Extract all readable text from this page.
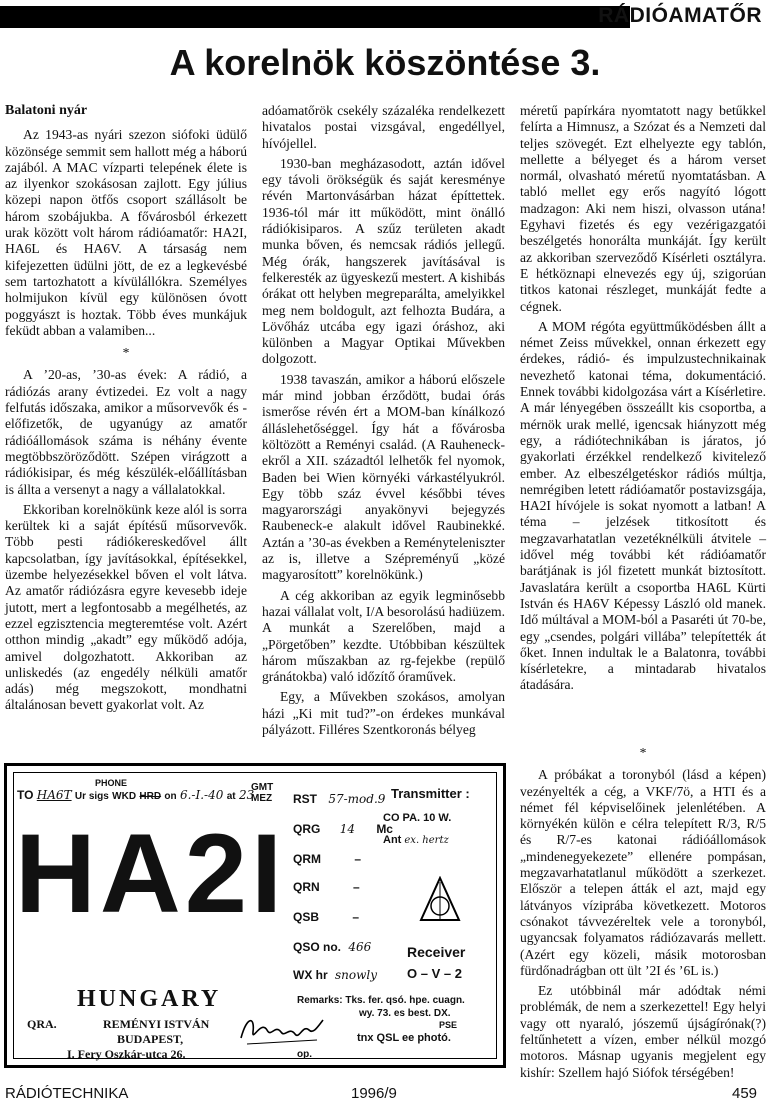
RÁDIÓAMATŐR
A korelnök köszöntése 3.
Balatoni nyár

Az 1943-as nyári szezon siófoki üdülő közönsége semmit sem hallott még a háború zajából. A MAC vízparti telepének élete is az ilyenkor szokásosan zajlott. Egy július közepi napon ötfős csoport szállásolt be három szobájukba. A fővárosból érkezett urak között volt három rádióamatőr: HA2I, HA6L és HA6V. A társaság nem kifejezetten üdülni jött, de ez a legkevésbé sem tartozhatott a kívülállókra. Személyes holmijukon kívül egy különösen óvott poggyászt is hoztak. Több éves munkájuk feküdt abban a valamiben...

*

A ’20-as, ’30-as évek: A rádió, a rádiózás arany évtizedei. Ez volt a nagy felfutás időszaka, amikor a műsorvevők és -előfizetők, de ugyanúgy az amatőr rádióállomások száma is néhány évente megtöbbszöröződött. Szépen virágzott a rádiókisipar, és még készülék-előállításban is állta a versenyt a nagy a vállalatokkal.

Ekkoriban korelnökünk keze alól is sorra kerültek ki a saját építésű műsorvevők. Több pesti rádiókereskedővel állt kapcsolatban, így javításokkal, építésekkel, üzembe helyezésekkel bőven el volt látva. Az amatőr rádiózásra egyre kevesebb ideje jutott, mert a legfontosabb a megélhetés, az ezzel egzisztencia megteremtése volt. Azért otthon mindig „akadt” egy működő adója, amivel dolgozhatott. Akkoriban az unliskedés (az engedély nélküli amatőr adás) még megszokott, mondhatni általánosan bevett gyakorlat volt. Az

adóamatőrök csekély százaléka rendelkezett hivatalos postai vizsgával, engedéllyel, hívójellel.

1930-ban megházasodott, aztán idővel egy távoli örökségük és saját keresménye révén Martonvásárban házat építtettek. 1936-tól már itt működött, mint önálló rádiókisiparos. A szűz területen akadt munka bőven, és nemcsak rádiós jellegű. Még órák, hangszerek javításával is felkeresték az ügyeskezű mestert. A kishibás órákat ott helyben megreparálta, amelyikkel meg nem boldogult, azt felhozta Budára, a Lövőház utcába egy igazi óráshoz, aki különben a Magyar Optikai Művekben dolgozott.

1938 tavaszán, amikor a háború előszele már mind jobban érződött, budai órás ismerőse révén ért a MOM-ban kínálkozó álláslehetőséggel. Így hát a fővárosba költözött a Reményi család. (A Rauheneck-ekről a XII. századtól lelhetők fel nyomok, Baden bei Wien környéki várkastélyukról. Egy több száz évvel későbbi téves magyarországi anyakönyvi bejegyzés Raubeneck-e alakult idővel Raubinekké. Aztán a ’30-as években a Reményteleniszter az is, illetve a Szépreményű „közé magyarosított” korelnökünk.)

A cég akkoriban az egyik legminősebb hazai vállalat volt, I/A besorolású hadiüzem. A munkát a Szerelőben, majd a „Pörgetőben” kezdte. Utóbbiban készültek három műszakban az rg-fejekbe (repülő gránátokba) való időzítő óraművek.

Egy, a Művekben szokásos, amolyan házi „Ki mit tud?”-on érdekes munkával pályázott. Filléres Szentkoronás bélyeg

méretű papírkára nyomtatott nagy betűkkel felírta a Himnusz, a Szózat és a Nemzeti dal teljes szövegét. Ezt elhelyezte egy tablón, mellette a bélyeget és a három verset normál, olvasható méretű nyomtatásban. A tabló mellet egy erős nagyító lógott madzagon: Aki nem hiszi, olvasson utána! Egyhavi fizetés és egy vezérigazgatói beszélgetés honorálta munkáját. Így került az akkoriban szerveződő Kísérleti osztályra. E hétköznapi elnevezés egy új, szigorúan titkos katonai részleget, munkáját fedte a cégnek.

A MOM régóta együttműködésben állt a német Zeiss művekkel, onnan érkezett egy érdekes, rádió- és impulzustechnikainak nevezhető katonai téma, dokumentáció. Ennek további kidolgozása várt a Kísérletire. A már lényegében összeállt kis csoportba, a mérnök urak mellé, igencsak hiányzott még egy, a rádiótechnikában is járatos, jó gyakorlati érzékkel rendelkező kivitelező ember. Az elbeszélgetéskor rádiós múltja, nemrégiben letett rádióamatőr postavizsgája, HA2I hívójele is sokat nyomott a latban! A téma – jelzések titkosított és megzavarhatatlan vezetéknélküli átvitele – idővel még további két rádióamatőr barátjának is jól fizetett munkát biztosított. Javaslatára került a csoportba HA6L Kürti István és HA6V Képessy László old manek. Idő múltával a MOM-ból a Pasaréti út 70-be, egy „csendes, polgári villába” telepítették át őket. Innen indultak le a Balatonra, további kísérletekre, a mintadarab hivatalos átadására.

*

A próbákat a toronyból (lásd a képen) vezényelték a cég, a VKF/7ö, a HTI és a német fél képviselőinek jelenlétében. A környékén külön e célra telepített R/3, R/5 és R/7-es katonai rádióállomások „mindenegyekezete” ellenére pompásan, megzavarhatatlanul működött a szerkezet. Először a telepen átták el azt, majd egy látványos víziprába következett. Motoros csónakot távvezéreltek vele a toronyból, ugyancsak folyamatos rádiózavarás mellett. (Azért egy közeli, másik motorosban fürdőnadrágban ott ült ’2I és ’6L is.)

Ez utóbbinál már adódtak némi problémák, de nem a szerkezettel! Egy helyi vagy ott nyaraló, jószemű újságírónak(?) feltűnhetett a vízen, ember nélkül mozgó motoros. Másnap ugyanis megjelent egy kishír: Szellem hajó Siófok térségében!

PHONE
TO HA6T Ur sigs WKD HRD on 6.-I.-40 at 23
GMT
MEZ
HA2I
RST 57-mod.9
QRG 14 Mc
QRM	–
QRN	–
QSB	–
QSO no. 466
WX hr snowly
Transmitter :
CO PA. 10 W.
Ant ex. hertz
Receiver
O – V – 2
HUNGARY
QRA.	REMÉNYI ISTVÁN
BUDAPEST,
I. Fery Oszkár-utca 26.
Remarks: Tks. fer. qsó. hpe. cuagn.
wy. 73. es best. DX.
PSE
tnx QSL ee photó.
op.
RÁDIÓTECHNIKA	1996/9	459
